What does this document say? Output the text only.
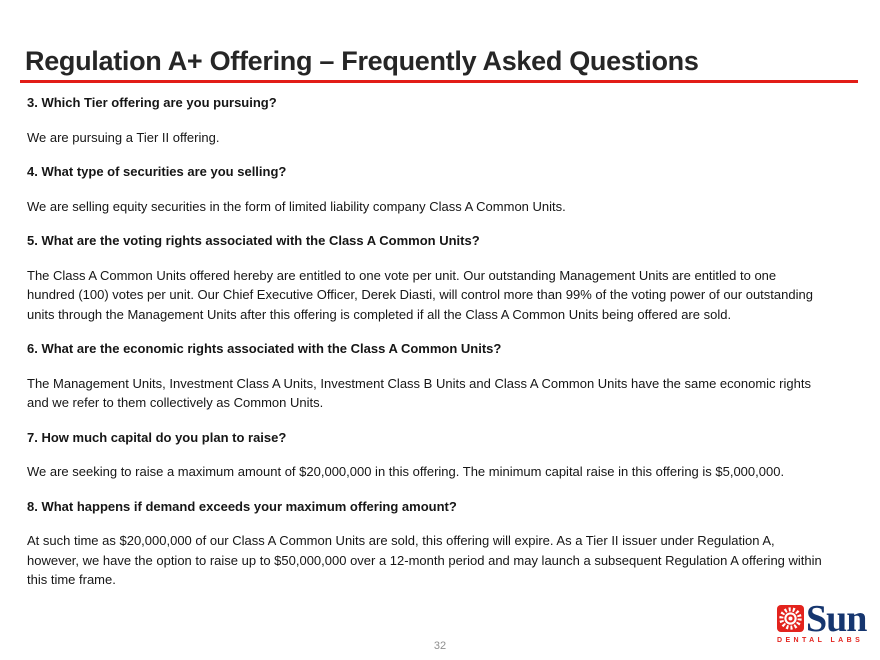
Regulation A+ Offering – Frequently Asked Questions

3. Which Tier offering are you pursuing?

We are pursuing a Tier II offering.

4. What type of securities are you selling?

We are selling equity securities in the form of limited liability company Class A Common Units.

5. What are the voting rights associated with the Class A Common Units?

The Class A Common Units offered hereby are entitled to one vote per unit. Our outstanding Management Units are entitled to one hundred (100) votes per unit. Our Chief Executive Officer, Derek Diasti, will control more than 99% of the voting power of our outstanding units through the Management Units after this offering is completed if all the Class A Common Units being offered are sold.

6. What are the economic rights associated with the Class A Common Units?

The Management Units, Investment Class A Units, Investment Class B Units and Class A Common Units have the same economic rights and we refer to them collectively as Common Units.

7. How much capital do you plan to raise?

We are seeking to raise a maximum amount of $20,000,000 in this offering. The minimum capital raise in this offering is $5,000,000.

8. What happens if demand exceeds your maximum offering amount?

At such time as $20,000,000 of our Class A Common Units are sold, this offering will expire. As a Tier II issuer under Regulation A, however, we have the option to raise up to $50,000,000 over a 12-month period and may launch a subsequent Regulation A offering within this time frame.

Sun
DENTAL LABS
32
